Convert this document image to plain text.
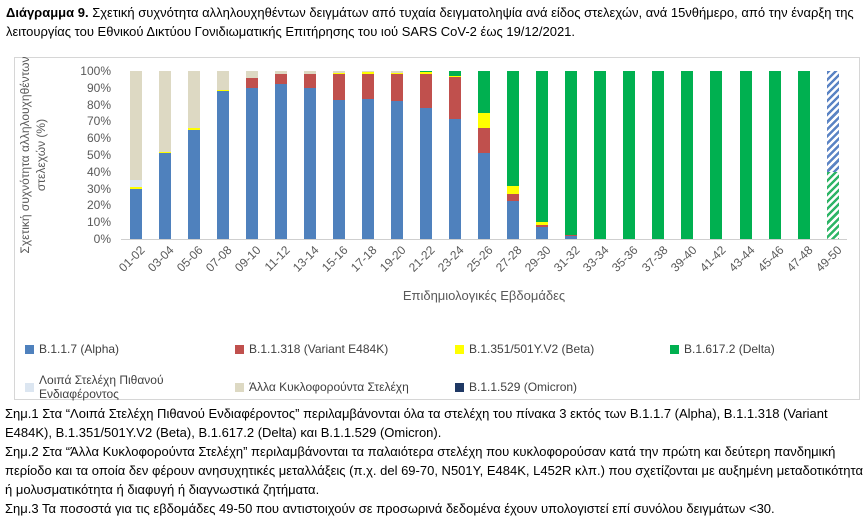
Διάγραμμα 9. Σχετική συχνότητα αλληλουχηθέντων δειγμάτων από τυχαία δειγματοληψία ανά είδος στελεχών, ανά 15νθήμερο, από την έναρξη της λειτουργίας του Εθνικού Δικτύου Γονιδιωματικής Επιτήρησης του ιού SARS CoV-2 έως 19/12/2021.
Σχετική συχνότητα αλληλουχηθέντων στελεχών (%)
100%
90%
80%
70%
60%
50%
40%
30%
20%
10%
0%
01-02
03-04
05-06
07-08
09-10
11-12
13-14
15-16
17-18
19-20
21-22
23-24
25-26
27-28
29-30
31-32
33-34
35-36
37-38
39-40
41-42
43-44
45-46
47-48
49-50
Επιδημιολογικές Εβδομάδες
B.1.1.7 (Alpha)	B.1.1.318 (Variant E484K)	B.1.351/501Y.V2 (Beta)	B.1.617.2 (Delta)
Λοιπά Στελέχη Πιθανού Ενδιαφέροντος	Άλλα Κυκλοφορούντα Στελέχη	B.1.1.529 (Omicron)

Σημ.1 Στα “Λοιπά Στελέχη Πιθανού Ενδιαφέροντος” περιλαμβάνονται όλα τα στελέχη του πίνακα 3 εκτός των B.1.1.7 (Alpha), B.1.1.318 (Variant E484K), B.1.351/501Y.V2 (Beta), B.1.617.2 (Delta) και B.1.1.529 (Omicron).

Σημ.2 Στα “Άλλα Κυκλοφορούντα Στελέχη” περιλαμβάνονται τα παλαιότερα στελέχη που κυκλοφορούσαν κατά την πρώτη και δεύτερη πανδημική περίοδο και τα οποία δεν φέρουν ανησυχητικές μεταλλάξεις (π.χ. del 69-70, N501Y, E484K, L452R κλπ.) που σχετίζονται με αυξημένη μεταδοτικότητα ή μολυσματικότητα ή διαφυγή ή διαγνωστικά ζητήματα.

Σημ.3 Τα ποσοστά για τις εβδομάδες 49-50 που αντιστοιχούν σε προσωρινά δεδομένα έχουν υπολογιστεί επί συνόλου δειγμάτων <30.
